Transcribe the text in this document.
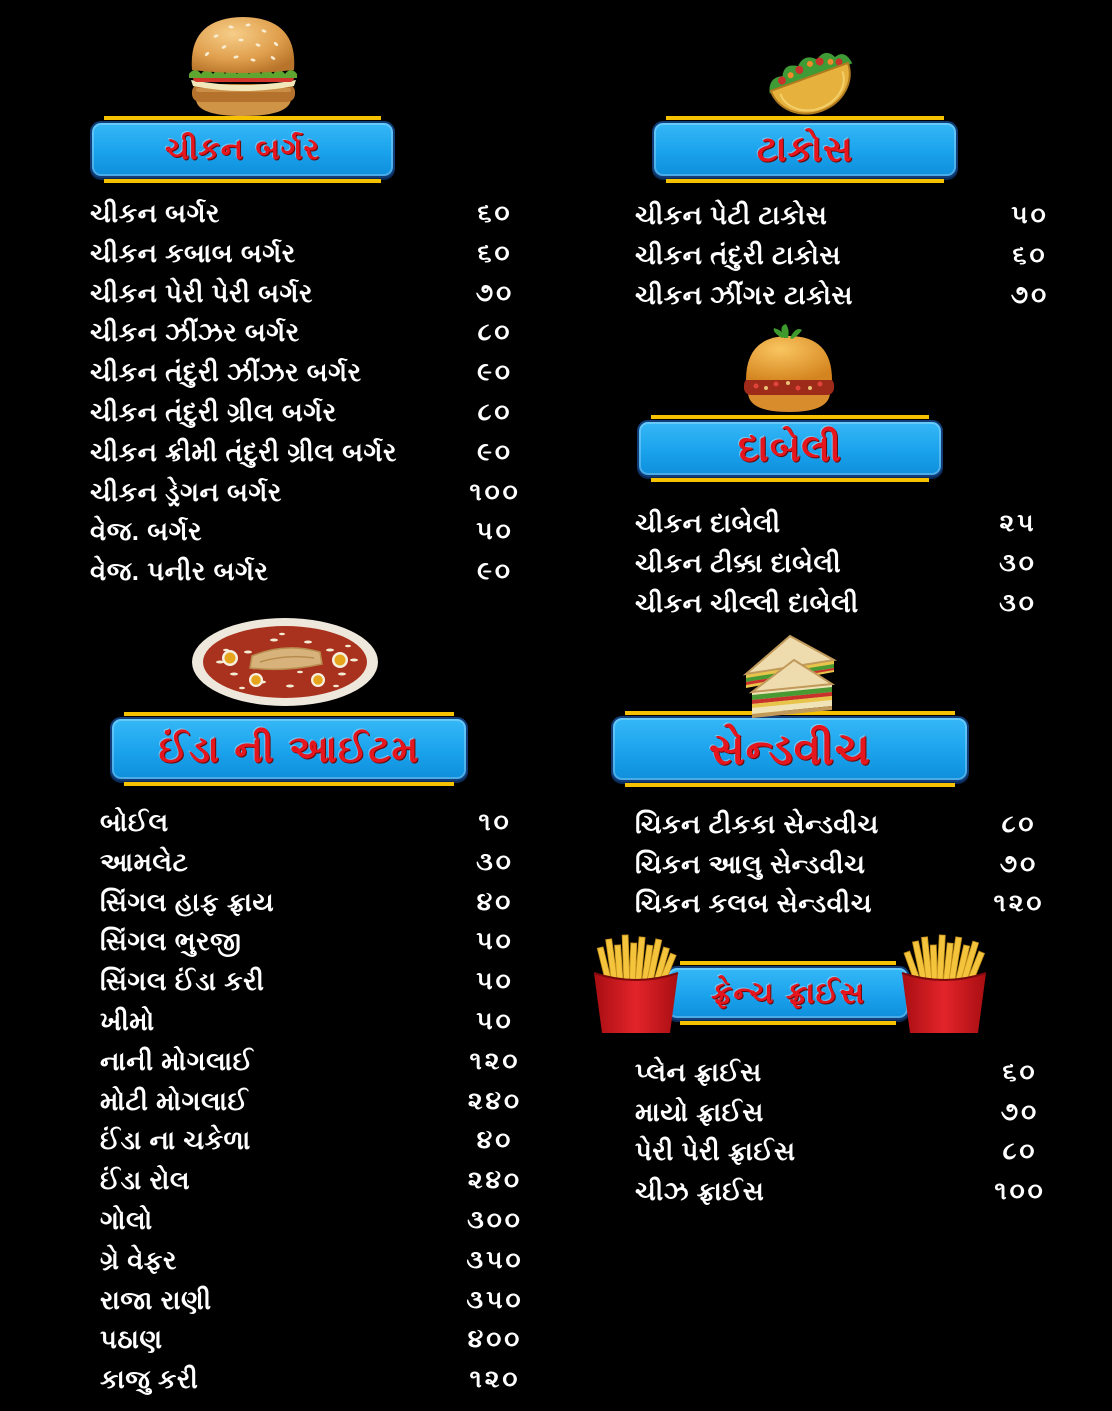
ચીકન બર્ગર
ઈંડા ની આઈટમ
ટાકોસ
દાબેલી
સેન્ડવીચ
ફ્રેન્ચ ફ્રાઈસ
ચીકન બર્ગર	૬૦
ચીકન કબાબ બર્ગર	૬૦
ચીકન પેરી પેરી બર્ગર	૭૦
ચીકન ઝીંઝર બર્ગર	૮૦
ચીકન તંદુરી ઝીંઝર બર્ગર	૯૦
ચીકન તંદુરી ગ્રીલ બર્ગર	૮૦
ચીકન ક્રીમી તંદુરી ગ્રીલ બર્ગર	૯૦
ચીકન ડ્રેગન બર્ગર	૧૦૦
વેજ. બર્ગર	૫૦
વેજ. પનીર બર્ગર	૯૦
બોઈલ	૧૦
આમલેટ	૩૦
સિંગલ હાફ ફ્રાય	૪૦
સિંગલ ભુરજી	૫૦
સિંગલ ઈંડા કરી	૫૦
ખીમો	૫૦
નાની મોગલાઈ	૧૨૦
મોટી મોગલાઈ	૨૪૦
ઈંડા ના ચકેળા	૪૦
ઈંડા રોલ	૨૪૦
ગોલો	૩૦૦
ગ્રે વેફર	૩૫૦
રાજા રાણી	૩૫૦
પઠાણ	૪૦૦
કાજુ કરી	૧૨૦
ચીકન પેટી ટાકોસ	૫૦
ચીકન તંદુરી ટાકોસ	૬૦
ચીકન ઝીંગર ટાકોસ	૭૦
ચીકન દાબેલી	૨૫
ચીકન ટીક્કા દાબેલી	૩૦
ચીકન ચીલ્લી દાબેલી	૩૦
ચિકન ટીકકા સેન્ડવીચ	૮૦
ચિકન આલુ સેન્ડવીચ	૭૦
ચિકન કલબ સેન્ડવીચ	૧૨૦
પ્લેન ફ્રાઈસ	૬૦
માયો ફ્રાઈસ	૭૦
પેરી પેરી ફ્રાઈસ	૮૦
ચીઝ ફ્રાઈસ	૧૦૦
